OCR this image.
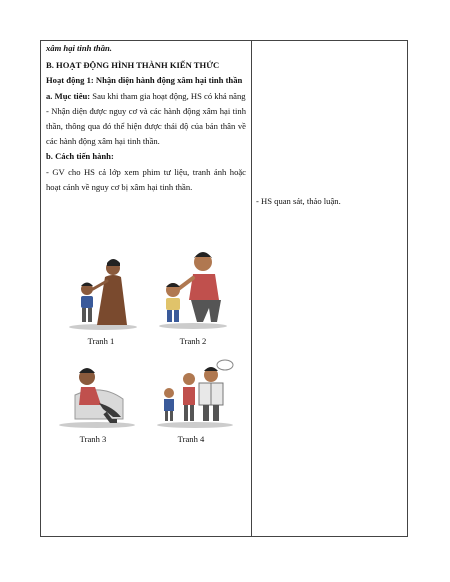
xâm hại tinh thần.

B. HOẠT ĐỘNG HÌNH THÀNH KIẾN THỨC

Hoạt động 1: Nhận diện hành động xâm hại tinh thần

a. Mục tiêu: Sau khi tham gia hoạt động, HS có khả năng

- Nhận diện được nguy cơ và các hành động xâm hại tinh thần, thông qua đó thể hiện được thái độ của bản thân về các hành động xâm hại tinh thần.

b. Cách tiến hành:

- GV cho HS cả lớp xem phim tư liệu, tranh ảnh hoặc hoạt cảnh về nguy cơ bị xâm hại tinh thần.

- HS quan sát, thảo luận.

Tranh 1	Tranh 2
Tranh 3	Tranh 4
